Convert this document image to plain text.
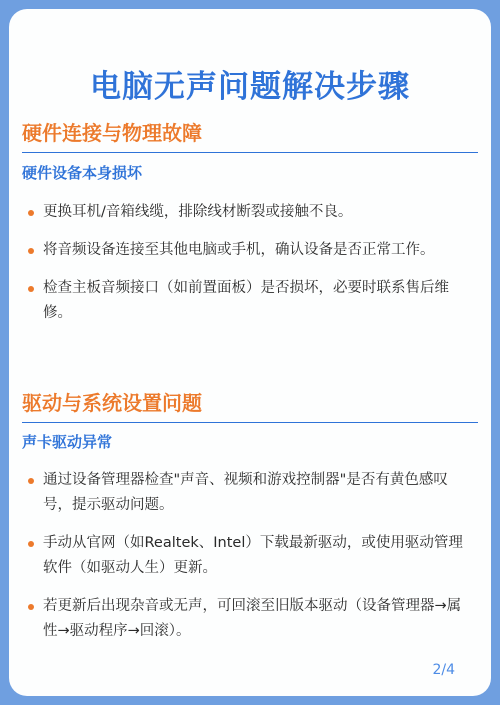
电脑无声问题解决步骤
硬件连接与物理故障
硬件设备本身损坏
更换耳机/音箱线缆，排除线材断裂或接触不良。
将音频设备连接至其他电脑或手机，确认设备是否正常工作。
检查主板音频接口（如前置面板）是否损坏，必要时联系售后维修。
驱动与系统设置问题
声卡驱动异常
通过设备管理器检查"声音、视频和游戏控制器"是否有黄色感叹号，提示驱动问题。
手动从官网（如Realtek、Intel）下载最新驱动，或使用驱动管理软件（如驱动人生）更新。
若更新后出现杂音或无声，可回滚至旧版本驱动（设备管理器→属性→驱动程序→回滚）。
2/4
